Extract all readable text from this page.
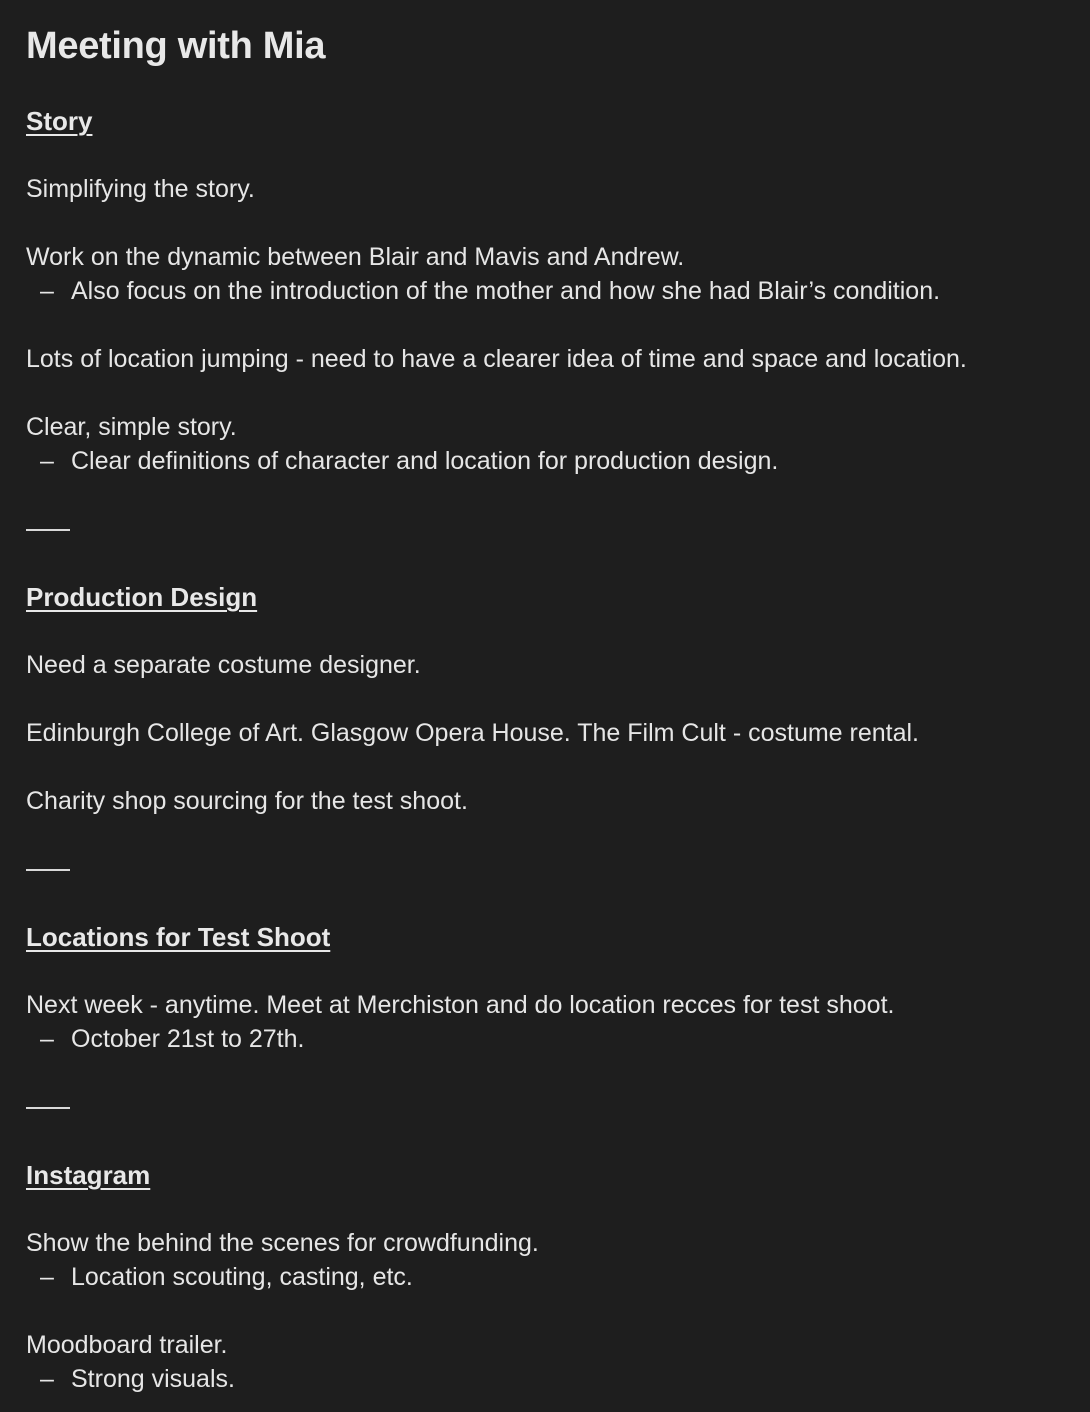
Meeting with Mia
Story

Simplifying the story.

Work on the dynamic between Blair and Mavis and Andrew.

– Also focus on the introduction of the mother and how she had Blair’s condition.

Lots of location jumping - need to have a clearer idea of time and space and location.

Clear, simple story.

– Clear definitions of character and location for production design.

Production Design

Need a separate costume designer.

Edinburgh College of Art. Glasgow Opera House. The Film Cult - costume rental.

Charity shop sourcing for the test shoot.

Locations for Test Shoot

Next week - anytime. Meet at Merchiston and do location recces for test shoot.

– October 21st to 27th.

Instagram

Show the behind the scenes for crowdfunding.

– Location scouting, casting, etc.

Moodboard trailer.

– Strong visuals.
